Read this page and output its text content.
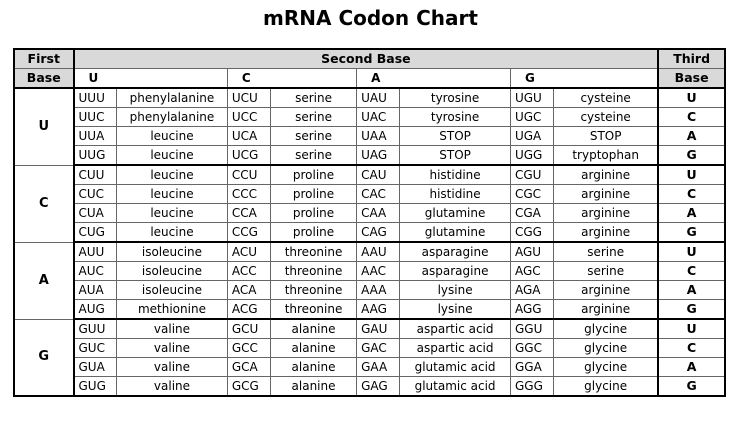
mRNA Codon Chart
First	Second Base								Third
Base	U		C		A		G		Base
U	UUU	phenylalanine	UCU	serine	UAU	tyrosine	UGU	cysteine	U
	UUC	phenylalanine	UCC	serine	UAC	tyrosine	UGC	cysteine	C
	UUA	leucine	UCA	serine	UAA	STOP	UGA	STOP	A
	UUG	leucine	UCG	serine	UAG	STOP	UGG	tryptophan	G
C	CUU	leucine	CCU	proline	CAU	histidine	CGU	arginine	U
	CUC	leucine	CCC	proline	CAC	histidine	CGC	arginine	C
	CUA	leucine	CCA	proline	CAA	glutamine	CGA	arginine	A
	CUG	leucine	CCG	proline	CAG	glutamine	CGG	arginine	G
A	AUU	isoleucine	ACU	threonine	AAU	asparagine	AGU	serine	U
	AUC	isoleucine	ACC	threonine	AAC	asparagine	AGC	serine	C
	AUA	isoleucine	ACA	threonine	AAA	lysine	AGA	arginine	A
	AUG	methionine	ACG	threonine	AAG	lysine	AGG	arginine	G
G	GUU	valine	GCU	alanine	GAU	aspartic acid	GGU	glycine	U
	GUC	valine	GCC	alanine	GAC	aspartic acid	GGC	glycine	C
	GUA	valine	GCA	alanine	GAA	glutamic acid	GGA	glycine	A
	GUG	valine	GCG	alanine	GAG	glutamic acid	GGG	glycine	G
